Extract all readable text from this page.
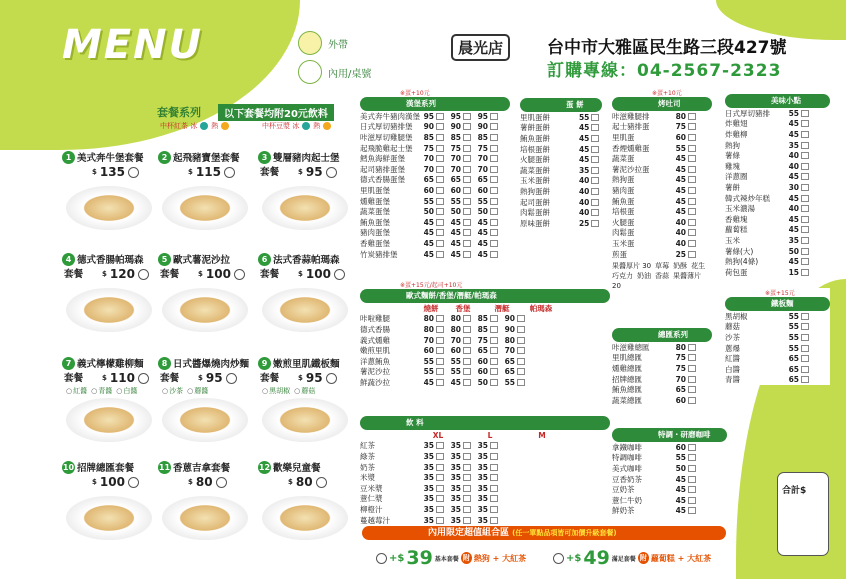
MENU	外帶
內用/桌號
晨光店	台中市大雅區民生路三段427號
訂購專線：04-2567-2323
套餐系列	以下套餐均附20元飲料
中杯紅茶 冰 熱	中杯豆漿 冰 熱
1 美式奔牛堡套餐
$ 135
2 起飛豬寶堡套餐
$ 115
3 雙層豬肉起士堡
套餐	$ 95
4 德式香腸帕瑪森
套餐	$ 120
5 歐式薯泥沙拉
套餐	$ 100
6 法式香蒜帕瑪森
套餐	$ 100
7 義式檸檬雞柳麵
套餐	$ 110
○ 紅醬	○ 青醬	○ 白醬
8 日式醬爆燒肉炒麵
套餐	$ 95
○ 沙茶	○ 蘑醬
9 嫩煎里肌鐵板麵
套餐	$ 95
○ 黑胡椒	○ 蘑菇
10 招牌總匯套餐
$ 100
11 香蒽吉拿套餐
$ 80
12 歡樂兒童餐
$ 80
※蛋+10元
漢堡系列
美式奔牛豬肉漢堡 95	95	95
日式厚切豬排堡	90	90	90
咔滋厚切雞腿堡	85	85	85
起飛脆雞起士堡	75	75	75
鱈魚海鮮蛋堡	70	70	70
起司豬排蛋堡	70	70	70
德式香腸蛋堡	65	65	65
里肌蛋堡	60	60	60
燻雞蛋堡	55	55	55
蔬菜蛋堡	50	50	50
鮪魚蛋堡	45	45	45
豬肉蛋堡	45	45	45
香雞蛋堡	45	45	45
竹炭豬排堡	45	45	45
蛋 餅
里肌蛋餅	55
薯餅蛋餅	45
鮪魚蛋餅	45
培根蛋餅	45
火腿蛋餅	45
蔬菜蛋餅	35
玉米蛋餅	40
熱狗蛋餅	40
起司蛋餅	40
肉鬆蛋餅	40
原味蛋餅	25
※蛋+10元
烤吐司
咔滋雞腿排	80
起士豬排蛋	75
里肌蛋	60
香煙燻雞蛋	55
蔬菜蛋	45
薯泥沙拉蛋	45
熱狗蛋	45
豬肉蛋	45
鮪魚蛋	45
培根蛋	45
火腿蛋	40
肉鬆蛋	40
玉米蛋	40
煎蛋	25
果醬厚片 30 草莓 奶酥 花生巧克力 奶油 香蒜 果醬薄片 20
美味小點
日式厚切豬排	55
炸雞翅	45
炸雞柳	45
熱狗	35
薯條	40
雞塊	40
洋蔥圈	45
薯餅	30
韓式辣炒年糕	45
玉米濃湯	40
香雞塊	45
蘿蔔糕	45
玉米	35
薯條(大)	50
熱狗(4條)	45
荷包蛋	15
※蛋+15元
鐵板麵
黑胡椒	55
蘑菇	55
沙茶	55
蔥爆	55
紅醬	65
白醬	65
青醬	65
※蛋+15元/起司+10元
歐式麵餅/香堡/潛艇/帕瑪森
燒餅	香堡	潛艇	帕瑪森
咔啦雞腿	80	80	85	90
德式香腸	80	80	85	90
義式燻雞	70	70	75	80
嫩煎里肌	60	60	65	70
洋蔥鮪魚	55	55	60	65
薯泥沙拉	55	55	60	65
鮮蔬沙拉	45	45	50	55
總匯系列
咔滋雞總匯	80
里肌總匯	75
燻雞總匯	75
招牌總匯	70
鮪魚總匯	65
蔬菜總匯	60
飲 料
XL	L	M
紅茶	35	35	35
綠茶	35	35	35
奶茶	35	35	35
米漿	35	35	35
豆米漿	35	35	35
薏仁漿	35	35	35
柳橙汁	35	35	35
蔓越莓汁	35	35	35
特調・研磨咖啡
拿鐵咖啡	60
特調咖啡	55
美式咖啡	50
豆香奶茶	45
豆奶茶	45
薏仁牛奶	45
鮮奶茶	45
內用限定超值組合區 (任一單點品項皆可加價升級套餐)
+$ 39 基本套餐 附 熱狗 + 大紅茶	+$ 49 滿足套餐 附 蘿蔔糕 + 大紅茶
合計$
